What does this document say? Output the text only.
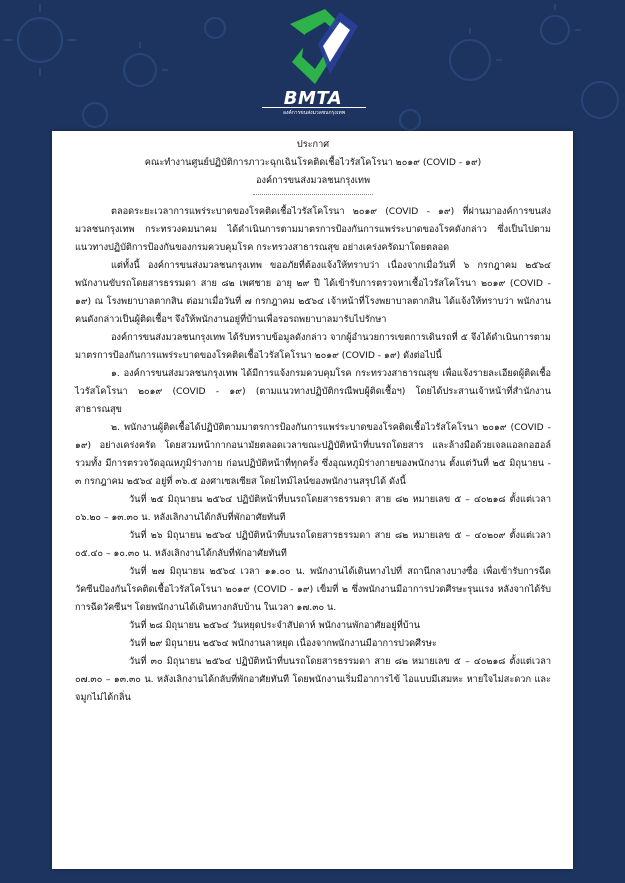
BMTA
องค์การขนส่งมวลชนกรุงเทพ
ประกาศ
คณะทำงานศูนย์ปฏิบัติการภาวะฉุกเฉินโรคติดเชื้อไวรัสโคโรนา ๒๐๑๙ (COVID - ๑๙)
องค์การขนส่งมวลชนกรุงเทพ

ตลอดระยะเวลาการแพร่ระบาดของโรคติดเชื้อไวรัสโคโรนา ๒๐๑๙ (COVID - ๑๙) ที่ผ่านมาองค์การขนส่งมวลชนกรุงเทพ กระทรวงคมนาคม ได้ดำเนินการตามมาตรการป้องกันการแพร่ระบาดของโรคดังกล่าว ซึ่งเป็นไปตามแนวทางปฏิบัติการป้องกันของกรมควบคุมโรค กระทรวงสาธารณสุข อย่างเคร่งครัดมาโดยตลอด

แต่ทั้งนี้ องค์การขนส่งมวลชนกรุงเทพ ขออภัยที่ต้องแจ้งให้ทราบว่า เนื่องจากเมื่อวันที่ ๖ กรกฎาคม ๒๕๖๔ พนักงานขับรถโดยสารธรรมดา สาย ๘๒ เพศชาย อายุ ๒๙ ปี ได้เข้ารับการตรวจหาเชื้อไวรัสโคโรนา ๒๐๑๙ (COVID - ๑๙) ณ โรงพยาบาลตากสิน ต่อมาเมื่อวันที่ ๗ กรกฎาคม ๒๕๖๔ เจ้าหน้าที่โรงพยาบาลตากสิน ได้แจ้งให้ทราบว่า พนักงานคนดังกล่าวเป็นผู้ติดเชื้อฯ จึงให้พนักงานอยู่ที่บ้านเพื่อรอรถพยาบาลมารับไปรักษา

องค์การขนส่งมวลชนกรุงเทพ ได้รับทราบข้อมูลดังกล่าว จากผู้อำนวยการเขตการเดินรถที่ ๕ จึงได้ดำเนินการตามมาตรการป้องกันการแพร่ระบาดของโรคติดเชื้อไวรัสโคโรนา ๒๐๑๙ (COVID - ๑๙) ดังต่อไปนี้

๑. องค์การขนส่งมวลชนกรุงเทพ ได้มีการแจ้งกรมควบคุมโรค กระทรวงสาธารณสุข เพื่อแจ้งรายละเอียดผู้ติดเชื้อไวรัสโคโรนา ๒๐๑๙ (COVID - ๑๙) (ตามแนวทางปฏิบัติกรณีพบผู้ติดเชื้อฯ) โดยได้ประสานเจ้าหน้าที่สำนักงานสาธารณสุข

๒. พนักงานผู้ติดเชื้อได้ปฏิบัติตามมาตรการป้องกันการแพร่ระบาดของโรคติดเชื้อไวรัสโคโรนา ๒๐๑๙ (COVID - ๑๙) อย่างเคร่งครัด โดยสวมหน้ากากอนามัยตลอดเวลาขณะปฏิบัติหน้าที่บนรถโดยสาร และล้างมือด้วยเจลแอลกอฮอล์ รวมทั้ง มีการตรวจวัดอุณหภูมิร่างกาย ก่อนปฏิบัติหน้าที่ทุกครั้ง ซึ่งอุณหภูมิร่างกายของพนักงาน ตั้งแต่วันที่ ๒๕ มิถุนายน - ๓ กรกฎาคม ๒๕๖๔ อยู่ที่ ๓๖.๕ องศาเซลเซียส โดยไทม์ไลน์ของพนักงานสรุปได้ ดังนี้

วันที่ ๒๕ มิถุนายน ๒๕๖๔ ปฏิบัติหน้าที่บนรถโดยสารธรรมดา สาย ๘๒ หมายเลข ๕ – ๔๐๒๑๘ ตั้งแต่เวลา ๐๖.๒๐ – ๑๓.๓๐ น. หลังเลิกงานได้กลับที่พักอาศัยทันที

วันที่ ๒๖ มิถุนายน ๒๕๖๔ ปฏิบัติหน้าที่บนรถโดยสารธรรมดา สาย ๘๒ หมายเลข ๕ – ๔๐๒๐๙ ตั้งแต่เวลา ๐๕.๔๐ – ๑๐.๓๐ น. หลังเลิกงานได้กลับที่พักอาศัยทันที

วันที่ ๒๗ มิถุนายน ๒๕๖๔ เวลา ๑๑.๐๐ น. พนักงานได้เดินทางไปที่ สถานีกลางบางซื่อ เพื่อเข้ารับการฉีดวัคซีนป้องกันโรคติดเชื้อไวรัสโคโรนา ๒๐๑๙ (COVID - ๑๙) เข็มที่ ๒ ซึ่งพนักงานมีอาการปวดศีรษะรุนแรง หลังจากได้รับการฉีดวัคซีนฯ โดยพนักงานได้เดินทางกลับบ้าน ในเวลา ๑๗.๓๐ น.

วันที่ ๒๘ มิถุนายน ๒๕๖๔ วันหยุดประจำสัปดาห์ พนักงานพักอาศัยอยู่ที่บ้าน

วันที่ ๒๙ มิถุนายน ๒๕๖๔ พนักงานลาหยุด เนื่องจากพนักงานมีอาการปวดศีรษะ

วันที่ ๓๐ มิถุนายน ๒๕๖๔ ปฏิบัติหน้าที่บนรถโดยสารธรรมดา สาย ๘๒ หมายเลข ๕ – ๔๐๒๑๘ ตั้งแต่เวลา ๐๗.๓๐ – ๑๓.๓๐ น. หลังเลิกงานได้กลับที่พักอาศัยทันที โดยพนักงานเริ่มมีอาการไข้ ไอแบบมีเสมหะ หายใจไม่สะดวก และจมูกไม่ได้กลิ่น
